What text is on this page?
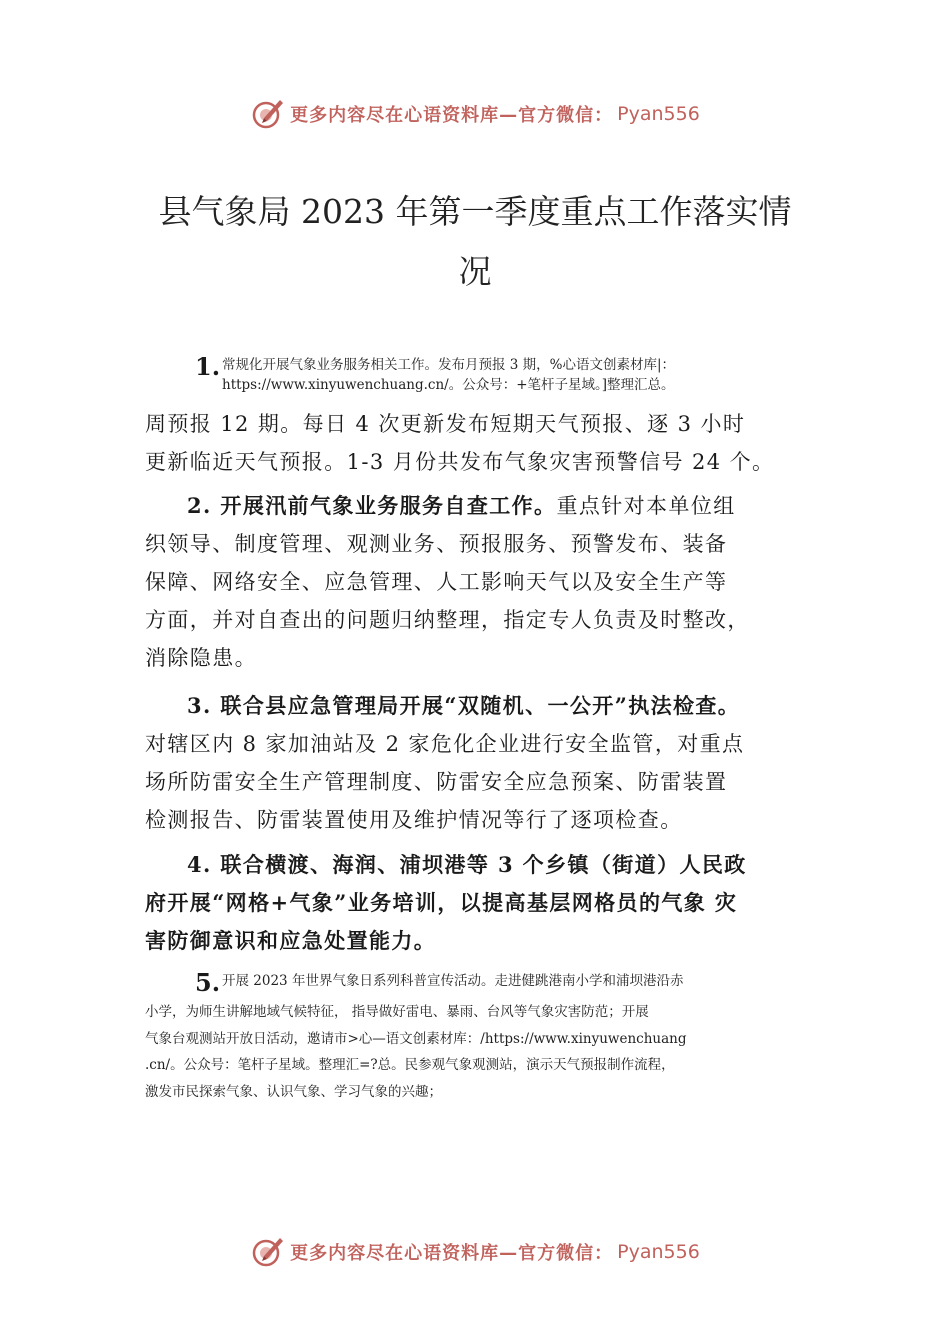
更多内容尽在心语资料库—官方微信： Pyan556
县气象局 2023 年第一季度重点工作落实情
况
1. 常规化开展气象业务服务相关工作。发布月预报 3 期，%心语文创素材库|：
https://www.xinyuwenchuang.cn/。公众号：+笔杆子星域。]整理汇总。
周预报 12 期。每日 4 次更新发布短期天气预报、逐 3 小时
更新临近天气预报。1-3 月份共发布气象灾害预警信号 24 个。
2. 开展汛前气象业务服务自查工作。重点针对本单位组
织领导、制度管理、观测业务、预报服务、预警发布、装备
保障、网络安全、应急管理、人工影响天气以及安全生产等
方面，并对自查出的问题归纳整理，指定专人负责及时整改，
消除隐患。
3. 联合县应急管理局开展“双随机、一公开”执法检查。
对辖区内 8 家加油站及 2 家危化企业进行安全监管，对重点
场所防雷安全生产管理制度、防雷安全应急预案、防雷装置
检测报告、防雷装置使用及维护情况等行了逐项检查。
4. 联合横渡、海润、浦坝港等 3 个乡镇（街道）人民政
府开展“网格+气象”业务培训，以提高基层网格员的气象 灾
害防御意识和应急处置能力。
5. 开展 2023 年世界气象日系列科普宣传活动。走进健跳港南小学和浦坝港沿赤
小学，为师生讲解地域气候特征， 指导做好雷电、暴雨、台风等气象灾害防范；开展
气象台观测站开放日活动，邀请市>心—语文创素材库：/https://www.xinyuwenchuang
.cn/。公众号：笔杆子星域。整理汇=?总。民参观气象观测站，演示天气预报制作流程，
激发市民探索气象、认识气象、学习气象的兴趣；
更多内容尽在心语资料库—官方微信： Pyan556
